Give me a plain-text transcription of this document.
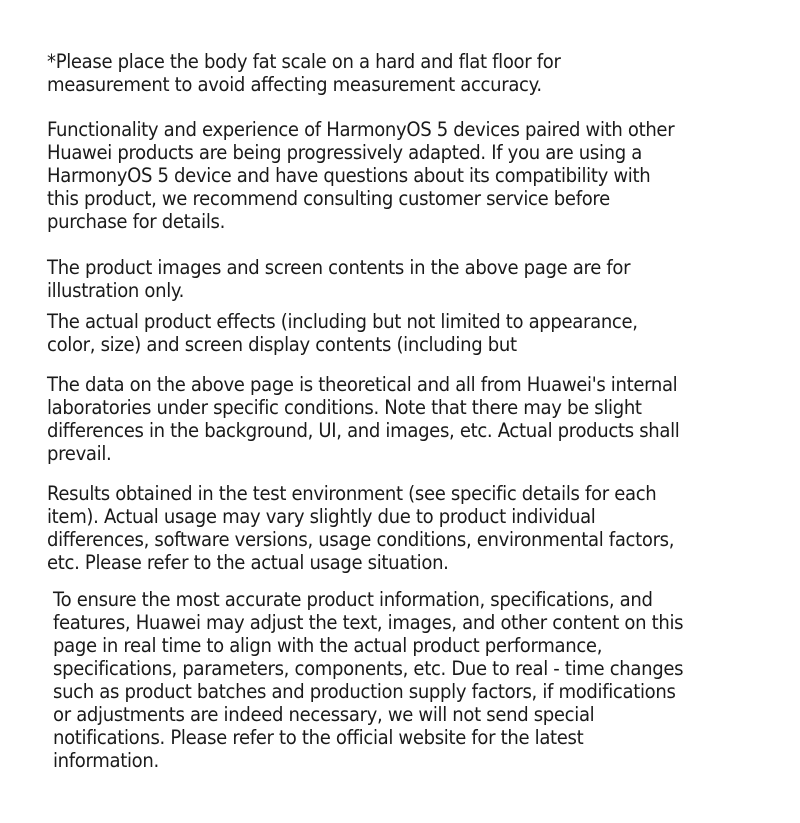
*Please place the body fat scale on a hard and flat floor for
measurement to avoid affecting measurement accuracy.

Functionality and experience of HarmonyOS 5 devices paired with other
Huawei products are being progressively adapted. If you are using a
HarmonyOS 5 device and have questions about its compatibility with
this product, we recommend consulting customer service before
purchase for details.

The product images and screen contents in the above page are for
illustration only.

The actual product effects (including but not limited to appearance,
color, size) and screen display contents (including but

The data on the above page is theoretical and all from Huawei's internal
laboratories under specific conditions. Note that there may be slight
differences in the background, UI, and images, etc. Actual products shall
prevail.

Results obtained in the test environment (see specific details for each
item). Actual usage may vary slightly due to product individual
differences, software versions, usage conditions, environmental factors,
etc. Please refer to the actual usage situation.

To ensure the most accurate product information, specifications, and
features, Huawei may adjust the text, images, and other content on this
page in real time to align with the actual product performance,
specifications, parameters, components, etc. Due to real - time changes
such as product batches and production supply factors, if modifications
or adjustments are indeed necessary, we will not send special
notifications. Please refer to the official website for the latest
information.
